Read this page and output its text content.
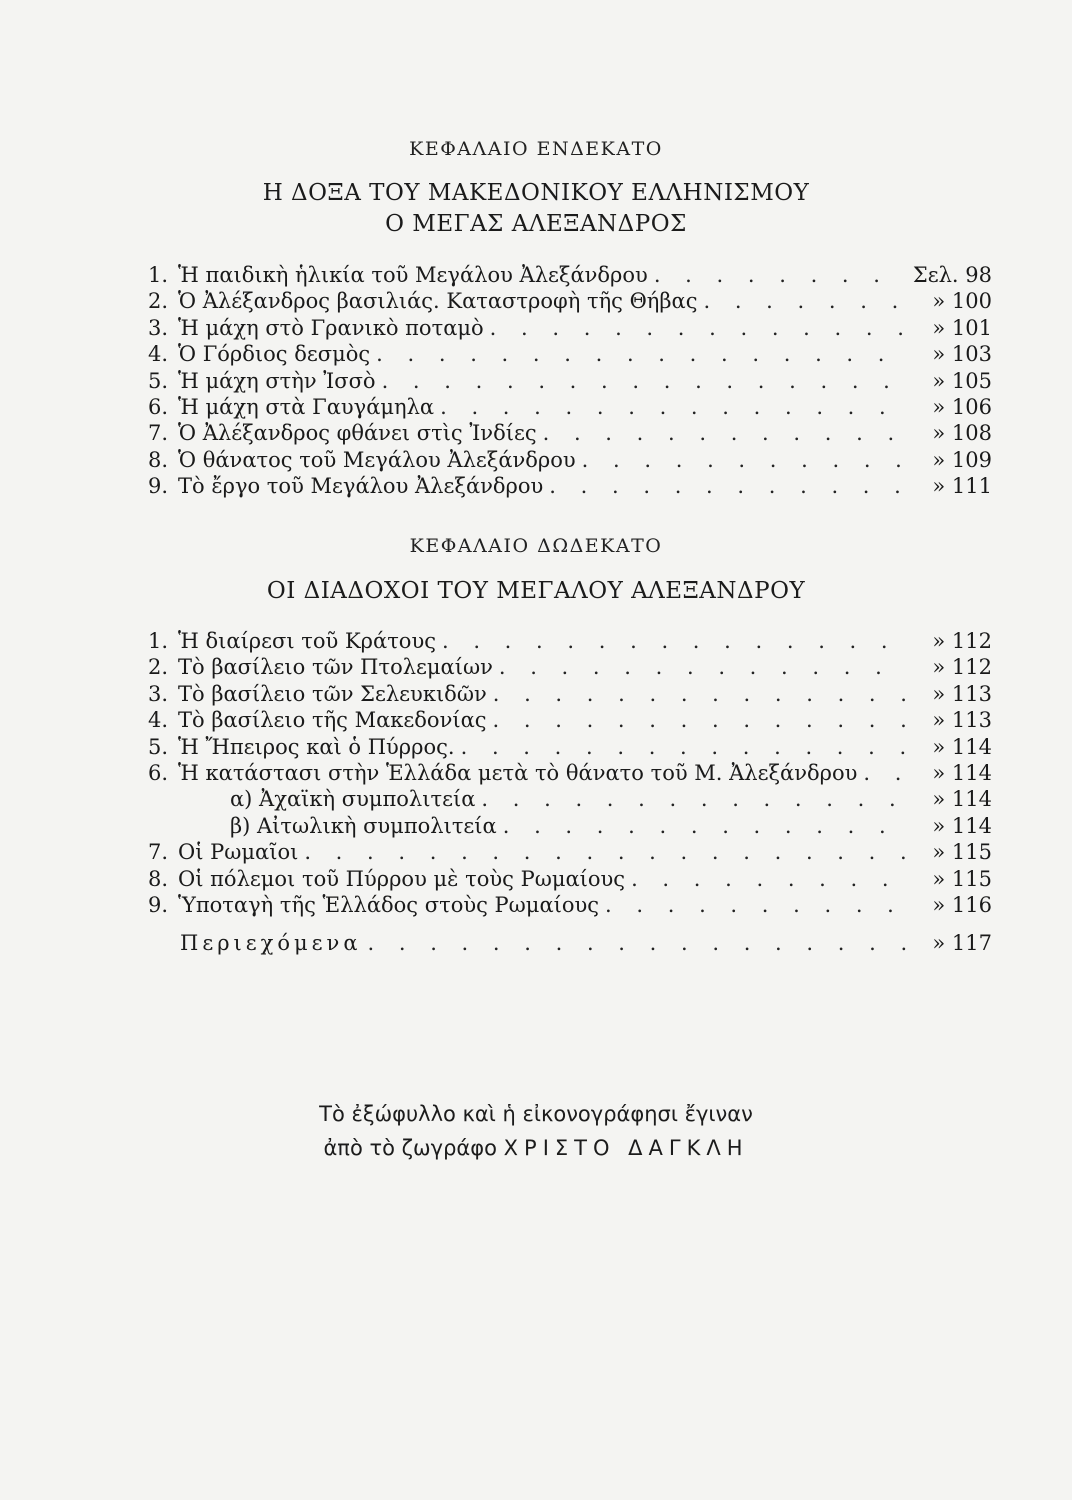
ΚΕΦΑΛΑΙΟ ΕΝΔΕΚΑΤΟ
Η ΔΟΞΑ ΤΟΥ ΜΑΚΕΔΟΝΙΚΟΥ ΕΛΛΗΝΙΣΜΟΥ
Ο ΜΕΓΑΣ ΑΛΕΞΑΝΔΡΟΣ
1. Ἡ παιδικὴ ἡλικία τοῦ Μεγάλου Ἀλεξάνδρου . . .	Σελ. 98
2. Ὁ Ἀλέξανδρος βασιλιάς. Καταστροφὴ τῆς Θήβας . . .	» 100
3. Ἡ μάχη στὸ Γρανικὸ ποταμὸ . . .	» 101
4. Ὁ Γόρδιος δεσμὸς . . .	» 103
5. Ἡ μάχη στὴν Ἰσσὸ . . .	» 105
6. Ἡ μάχη στὰ Γαυγάμηλα . . .	» 106
7. Ὁ Ἀλέξανδρος φθάνει στὶς Ἰνδίες . . .	» 108
8. Ὁ θάνατος τοῦ Μεγάλου Ἀλεξάνδρου . . .	» 109
9. Τὸ ἔργο τοῦ Μεγάλου Ἀλεξάνδρου . . .	» 111
ΚΕΦΑΛΑΙΟ ΔΩΔΕΚΑΤΟ
ΟΙ ΔΙΑΔΟΧΟΙ ΤΟΥ ΜΕΓΑΛΟΥ ΑΛΕΞΑΝΔΡΟΥ
1. Ἡ διαίρεσι τοῦ Κράτους . . .	» 112
2. Τὸ βασίλειο τῶν Πτολεμαίων . . .	» 112
3. Τὸ βασίλειο τῶν Σελευκιδῶν . . .	» 113
4. Τὸ βασίλειο τῆς Μακεδονίας . . .	» 113
5. Ἡ Ἤπειρος καὶ ὁ Πύρρος. . . .	» 114
6. Ἡ κατάστασι στὴν Ἑλλάδα μετὰ τὸ θάνατο τοῦ Μ. Ἀλεξάνδρου . . .	» 114
α) Ἀχαϊκὴ συμπολιτεία . . .	» 114
β) Αἰτωλικὴ συμπολιτεία . . .	» 114
7. Οἱ Ρωμαῖοι . . .	» 115
8. Οἱ πόλεμοι τοῦ Πύρρου μὲ τοὺς Ρωμαίους . . .	» 115
9. Ὑποταγὴ τῆς Ἑλλάδος στοὺς Ρωμαίους . . .	» 116
Περιεχόμενα . . .	» 117
Τὸ ἐξώφυλλο καὶ ἡ εἰκονογράφησι ἔγιναν
ἀπὸ τὸ ζωγράφο ΧΡΙΣΤΟ ΔΑΓΚΛΗ
